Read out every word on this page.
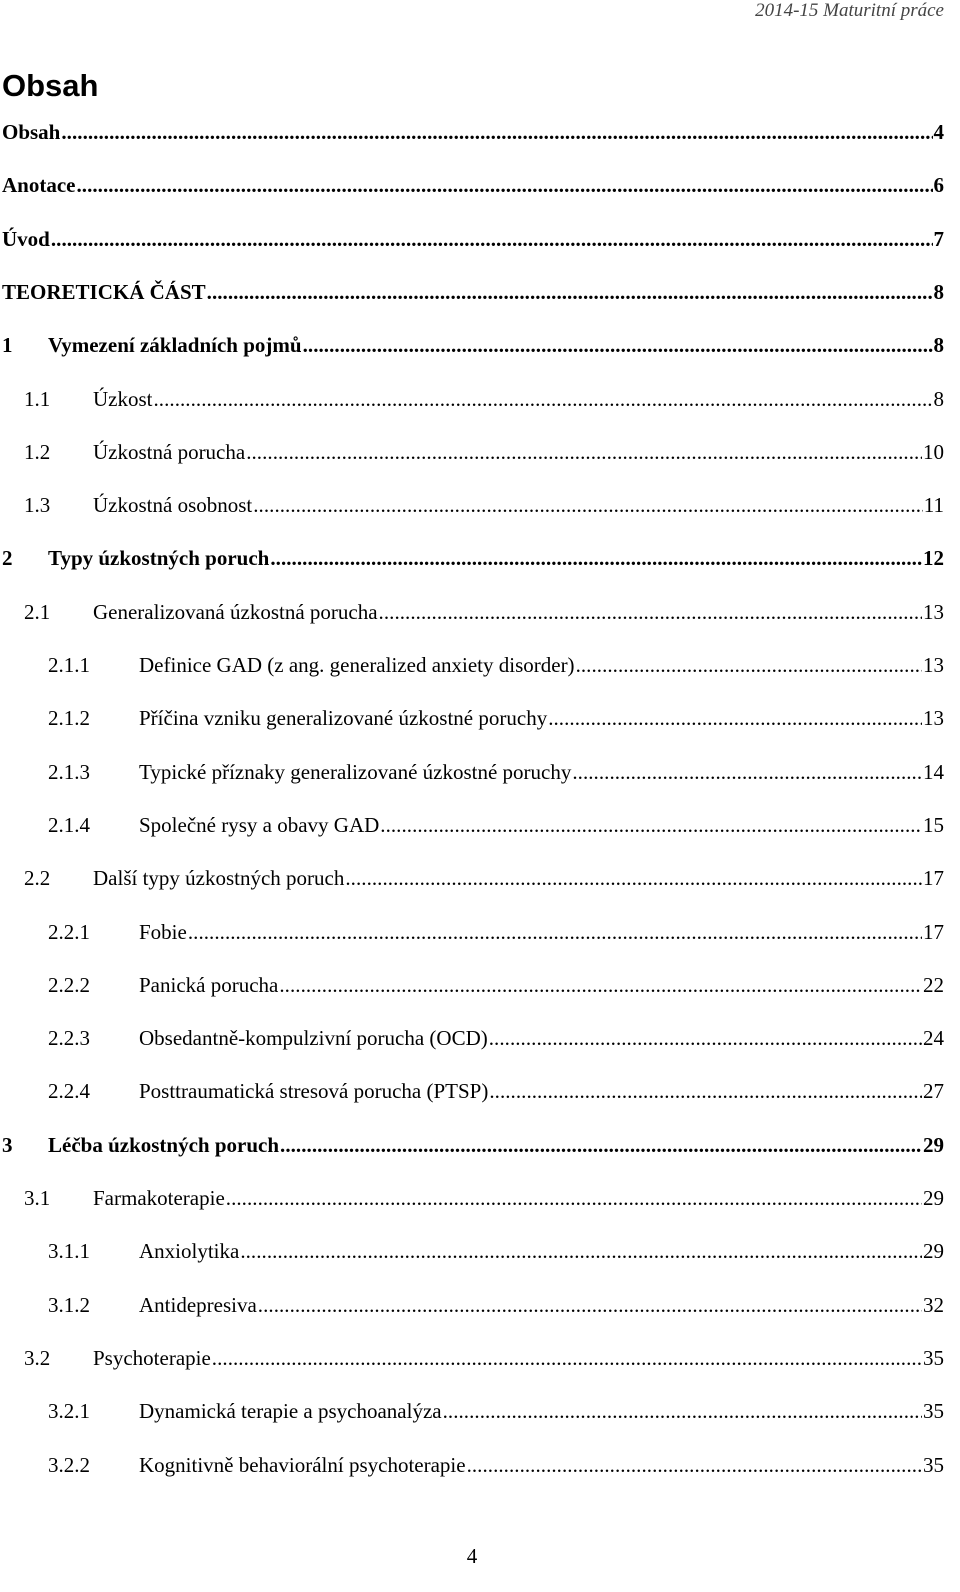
2014-15 Maturitní práce
Obsah
Obsah . . .	4
Anotace . . .	6
Úvod . . .	7
TEORETICKÁ ČÁST . . .	8
1 Vymezení základních pojmů . . .	8
1.1 Úzkost . . .	8
1.2 Úzkostná porucha . . .	10
1.3 Úzkostná osobnost . . .	11
2 Typy úzkostných poruch . . .	12
2.1 Generalizovaná úzkostná porucha . . .	13
2.1.1 Definice GAD (z ang. generalized anxiety disorder) . . .	13
2.1.2 Příčina vzniku generalizované úzkostné poruchy . . .	13
2.1.3 Typické příznaky generalizované úzkostné poruchy . . .	14
2.1.4 Společné rysy a obavy GAD . . .	15
2.2 Další typy úzkostných poruch . . .	17
2.2.1 Fobie . . .	17
2.2.2 Panická porucha . . .	22
2.2.3 Obsedantně-kompulzivní porucha (OCD) . . .	24
2.2.4 Posttraumatická stresová porucha (PTSP) . . .	27
3 Léčba úzkostných poruch . . .	29
3.1 Farmakoterapie . . .	29
3.1.1 Anxiolytika . . .	29
3.1.2 Antidepresiva . . .	32
3.2 Psychoterapie . . .	35
3.2.1 Dynamická terapie a psychoanalýza . . .	35
3.2.2 Kognitivně behaviorální psychoterapie . . .	35
4
